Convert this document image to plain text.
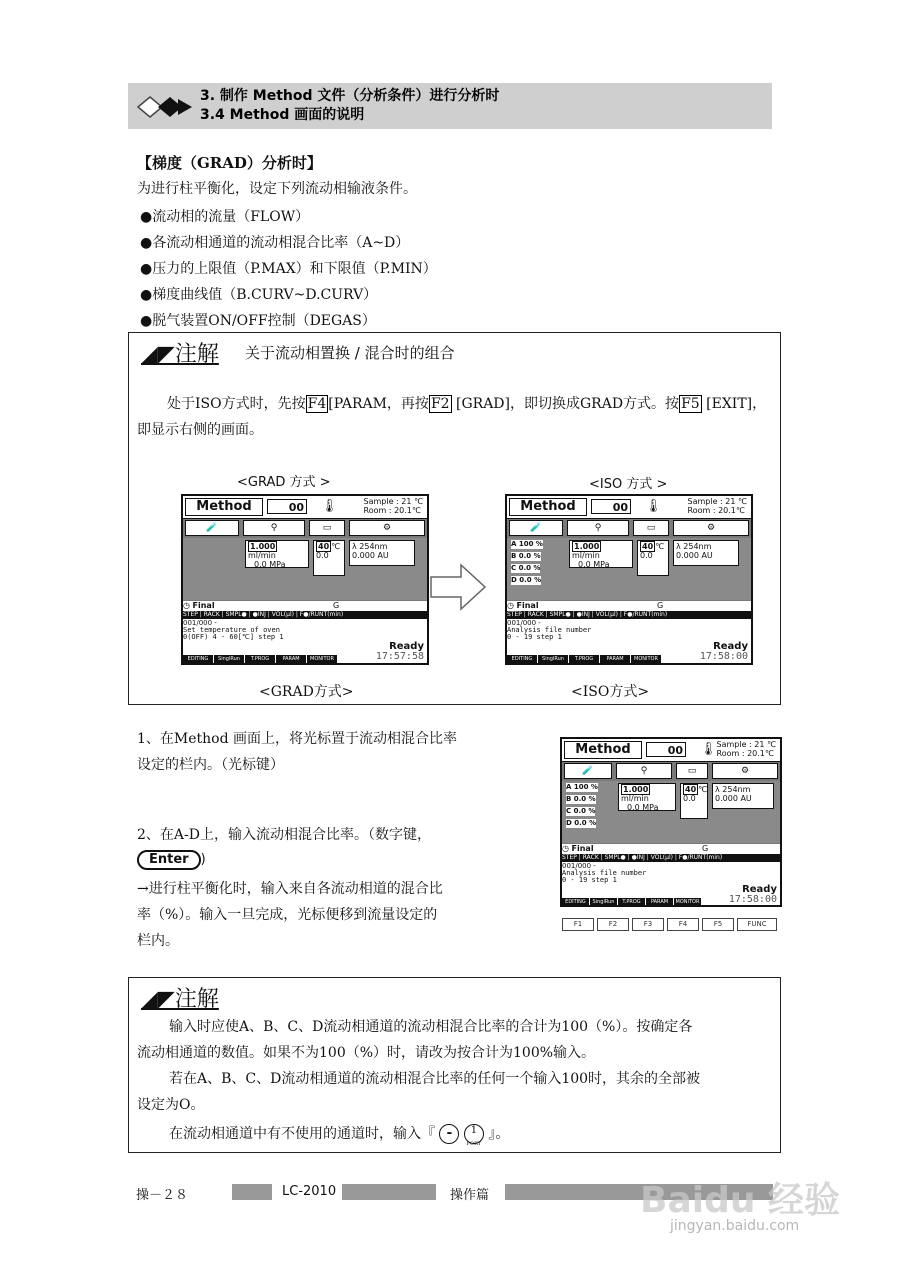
3. 制作 Method 文件（分析条件）进行分析时
3.4 Method 画面的说明
【梯度（GRAD）分析时】
为进行柱平衡化，设定下列流动相输液条件。
●流动相的流量（FLOW）
●各流动相通道的流动相混合比率（A~D）
●压力的上限值（P.MAX）和下限值（P.MIN）
●梯度曲线值（B.CURV~D.CURV）
●脱气装置ON/OFF控制（DEGAS）
◢◤注解 关于流动相置换 / 混合时的组合
处于ISO方式时，先按 F4 [PARAM，再按 F2 [GRAD]，即切换成GRAD方式。按 F5 [EXIT]，
即显示右侧的画面。
<GRAD 方式 >	<ISO 方式 >
<GRAD方式>	<ISO方式>
Method	00 🌡	Sample : 21 ℃
Room : 20.1℃
🧪	⚲	▭	⚙
1.000 ml/min
0.0 MPa
40 ℃
0.0
λ 254nm
0.000 AU
◷ Final	G
STEP | RACK | SMPL● | ●INJ | VOL(μl) | F●/RUNT(min)
001/000 -
Set temperature of oven
0(OFF) 4 - 60[℃] step 1
Ready
17:57:58
EDITING SinglRun T.PROG	PARAM MONITOR
Method	00 🌡	Sample : 21 ℃
Room : 20.1℃
🧪	⚲	▭	⚙
A 100 %
B 0.0 %
C 0.0 %
D 0.0 %
1.000 ml/min
0.0 MPa
40 ℃
0.0
λ 254nm
0.000 AU
◷ Final	G
STEP | RACK | SMPL● | ●INJ | VOL(μl) | F●/RUNT(min)
001/000 -
Analysis file number
0 - 19 step 1
Ready
17:58:00
EDITING SinglRun T.PROG	PARAM MONITOR
1、在Method 画面上，将光标置于流动相混合比率
设定的栏内。（光标键）
2、在A-D上，输入流动相混合比率。（数字键，
Enter )
→进行柱平衡化时，输入来自各流动相道的混合比
率（%）。输入一旦完成，光标便移到流量设定的
栏内。
Method	00 🌡 Sample : 21 ℃
Room : 20.1℃
🧪	⚲	▭	⚙
A 100 %
B 0.0 %
C 0.0 %
D 0.0 %
1.000 ml/min
0.0 MPa
40 ℃
0.0
λ 254nm
0.000 AU
◷ Final	G
STEP | RACK | SMPL● | ●INJ | VOL(μl) | F●/RUNT(min)
001/000 -
Analysis file number
0 - 19 step 1
Ready
17:58:00
EDITING SinglRun T.PROG PARAM MONITOR
F1	F2	F3	F4	F5	FUNC
◢◤注解
输入时应使A、B、C、D流动相通道的流动相混合比率的合计为100（%）。按确定各
流动相通道的数值。如果不为100（%）时，请改为按合计为100%输入。
若在A、B、C、D流动相通道的流动相混合比率的任何一个输入100时，其余的全部被
设定为O。
在流动相通道中有不使用的通道时，输入『 - 1
PORT 』。
操－２８	LC-2010	操作篇	Baidu 经验
jingyan.baidu.com
